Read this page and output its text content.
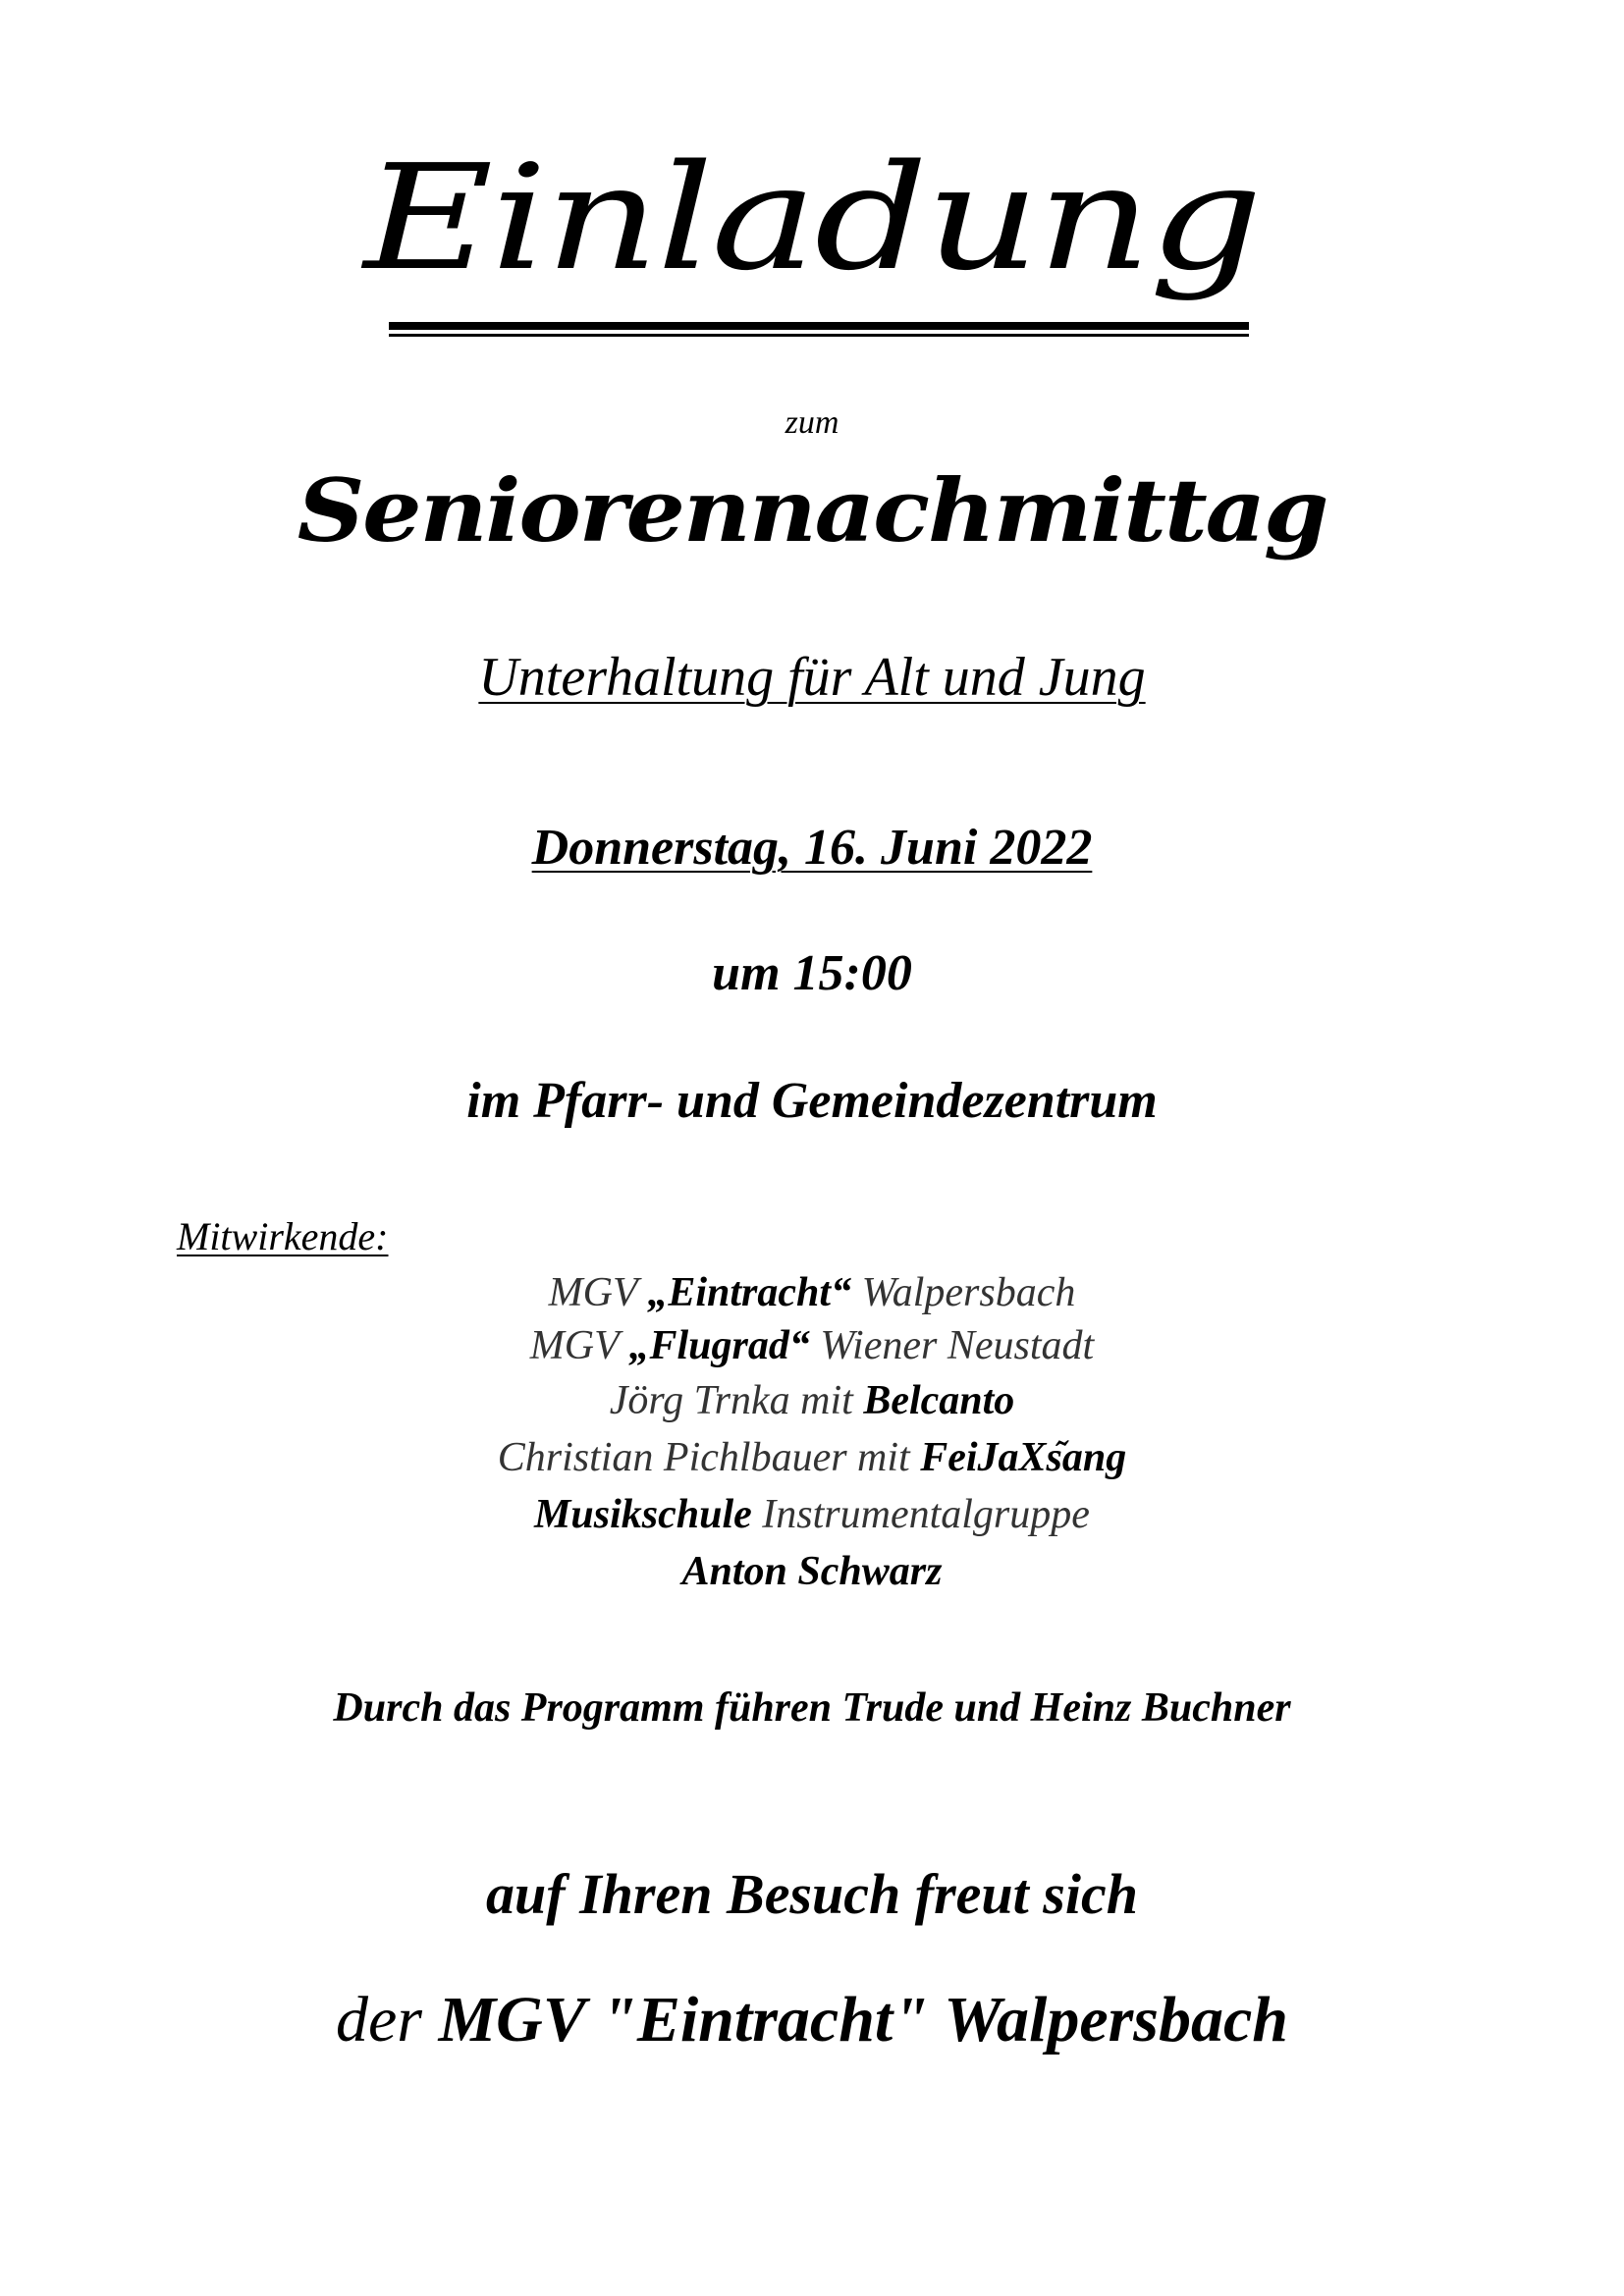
Einladung
zum
Seniorennachmittag
Unterhaltung für Alt und Jung
Donnerstag, 16. Juni 2022
um 15:00
im Pfarr- und Gemeindezentrum
Mitwirkende:
MGV „Eintracht“ Walpersbach
MGV „Flugrad“ Wiener Neustadt
Jörg Trnka mit Belcanto
Christian Pichlbauer mit FeiJaXs᷉ang
Musikschule Instrumentalgruppe
Anton Schwarz
Durch das Programm führen Trude und Heinz Buchner
auf Ihren Besuch freut sich
der MGV "Eintracht" Walpersbach
